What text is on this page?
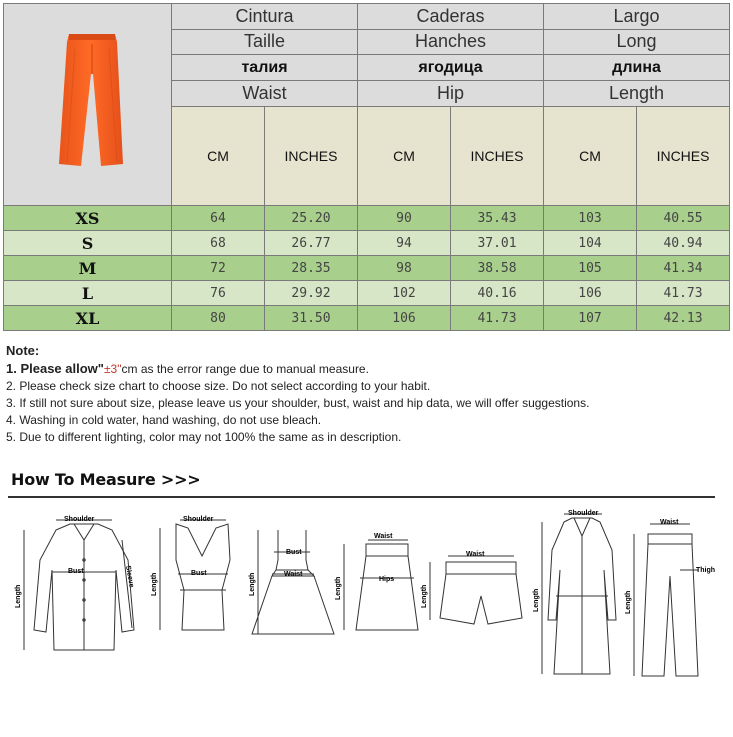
	Cintura		Caderas		Largo	
	Taille		Hanches		Long	
	талия		ягодица		длина	
	Waist		Hip		Length	
	CM	INCHES	CM	INCHES	CM	INCHES
XS	64	25.20	90	35.43	103	40.55
S	68	26.77	94	37.01	104	40.94
M	72	28.35	98	38.58	105	41.34
L	76	29.92	102	40.16	106	41.73
XL	80	31.50	106	41.73	107	42.13
Note:
1. Please allow"±3"cm as the error range due to manual measure.
2. Please check size chart to choose size. Do not select according to your habit.
3. If still not sure about size, please leave us your shoulder, bust, waist and hip data, we will offer suggestions.
4. Washing in cold water, hand washing, do not use bleach.
5. Due to different lighting, color may not 100% the same as in description.
How To Measure >>>
Shoulder
Bust	Sleeve
Length
Shoulder
Bust
Length
Bust
Waist
Length
Waist
Hips
Length
Waist
Length
Shoulder
Length
Waist
Thigh
Length
